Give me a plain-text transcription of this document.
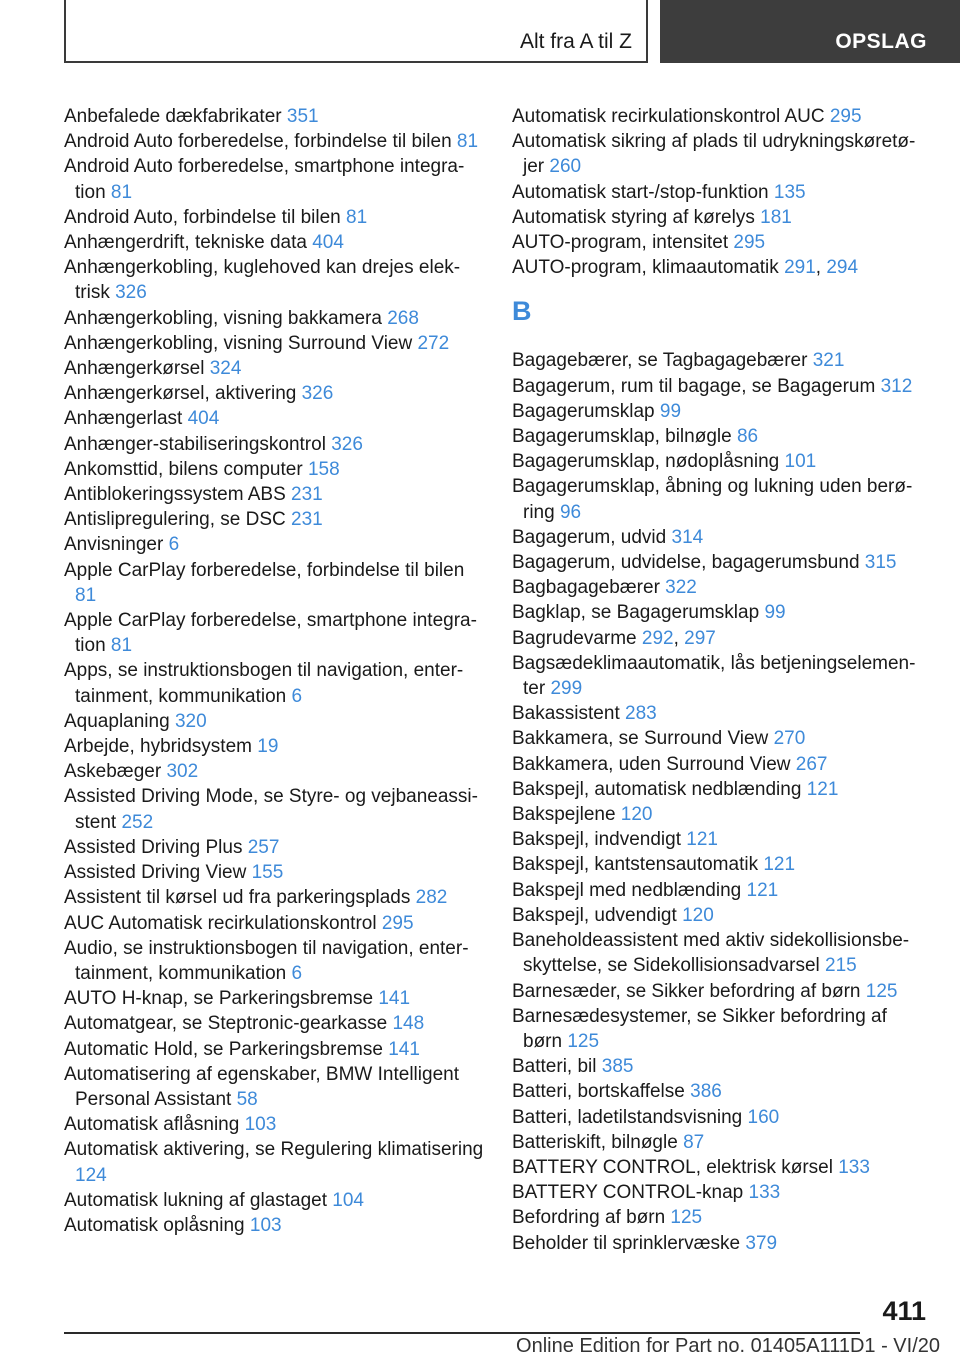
Alt fra A til Z	OPSLAG

Anbefalede dækfabrikater 351

Android Auto forberedelse, forbindelse til bilen 81

Android Auto forberedelse, smartphone integration 81

Android Auto, forbindelse til bilen 81

Anhængerdrift, tekniske data 404

Anhængerkobling, kuglehoved kan drejes elektrisk 326

Anhængerkobling, visning bakkamera 268

Anhængerkobling, visning Surround View 272

Anhængerkørsel 324

Anhængerkørsel, aktivering 326

Anhængerlast 404

Anhænger-stabiliseringskontrol 326

Ankomsttid, bilens computer 158

Antiblokeringssystem ABS 231

Antislipregulering, se DSC 231

Anvisninger 6

Apple CarPlay forberedelse, forbindelse til bilen 81

Apple CarPlay forberedelse, smartphone integration 81

Apps, se instruktionsbogen til navigation, entertainment, kommunikation 6

Aquaplaning 320

Arbejde, hybridsystem 19

Askebæger 302

Assisted Driving Mode, se Styre- og vejbaneassistent 252

Assisted Driving Plus 257

Assisted Driving View 155

Assistent til kørsel ud fra parkeringsplads 282

AUC Automatisk recirkulationskontrol 295

Audio, se instruktionsbogen til navigation, entertainment, kommunikation 6

AUTO H-knap, se Parkeringsbremse 141

Automatgear, se Steptronic-gearkasse 148

Automatic Hold, se Parkeringsbremse 141

Automatisering af egenskaber, BMW Intelligent Personal Assistant 58

Automatisk aflåsning 103

Automatisk aktivering, se Regulering klimatisering 124

Automatisk lukning af glastaget 104

Automatisk oplåsning 103

Automatisk recirkulationskontrol AUC 295

Automatisk sikring af plads til udrykningskøretøjer 260

Automatisk start-/stop-funktion 135

Automatisk styring af kørelys 181

AUTO-program, intensitet 295

AUTO-program, klimaautomatik 291, 294

B

Bagagebærer, se Tagbagagebærer 321

Bagagerum, rum til bagage, se Bagagerum 312

Bagagerumsklap 99

Bagagerumsklap, bilnøgle 86

Bagagerumsklap, nødoplåsning 101

Bagagerumsklap, åbning og lukning uden berøring 96

Bagagerum, udvid 314

Bagagerum, udvidelse, bagagerumsbund 315

Bagbagagebærer 322

Bagklap, se Bagagerumsklap 99

Bagrudevarme 292, 297

Bagsædeklimaautomatik, lås betjeningselementer 299

Bakassistent 283

Bakkamera, se Surround View 270

Bakkamera, uden Surround View 267

Bakspejl, automatisk nedblænding 121

Bakspejlene 120

Bakspejl, indvendigt 121

Bakspejl, kantstensautomatik 121

Bakspejl med nedblænding 121

Bakspejl, udvendigt 120

Baneholdeassistent med aktiv sidekollisionsbeskyttelse, se Sidekollisionsadvarsel 215

Barnesæder, se Sikker befordring af børn 125

Barnesædesystemer, se Sikker befordring af børn 125

Batteri, bil 385

Batteri, bortskaffelse 386

Batteri, ladetilstandsvisning 160

Batteriskift, bilnøgle 87

BATTERY CONTROL, elektrisk kørsel 133

BATTERY CONTROL-knap 133

Befordring af børn 125

Beholder til sprinklervæske 379

411
Online Edition for Part no. 01405A111D1 - VI/20
